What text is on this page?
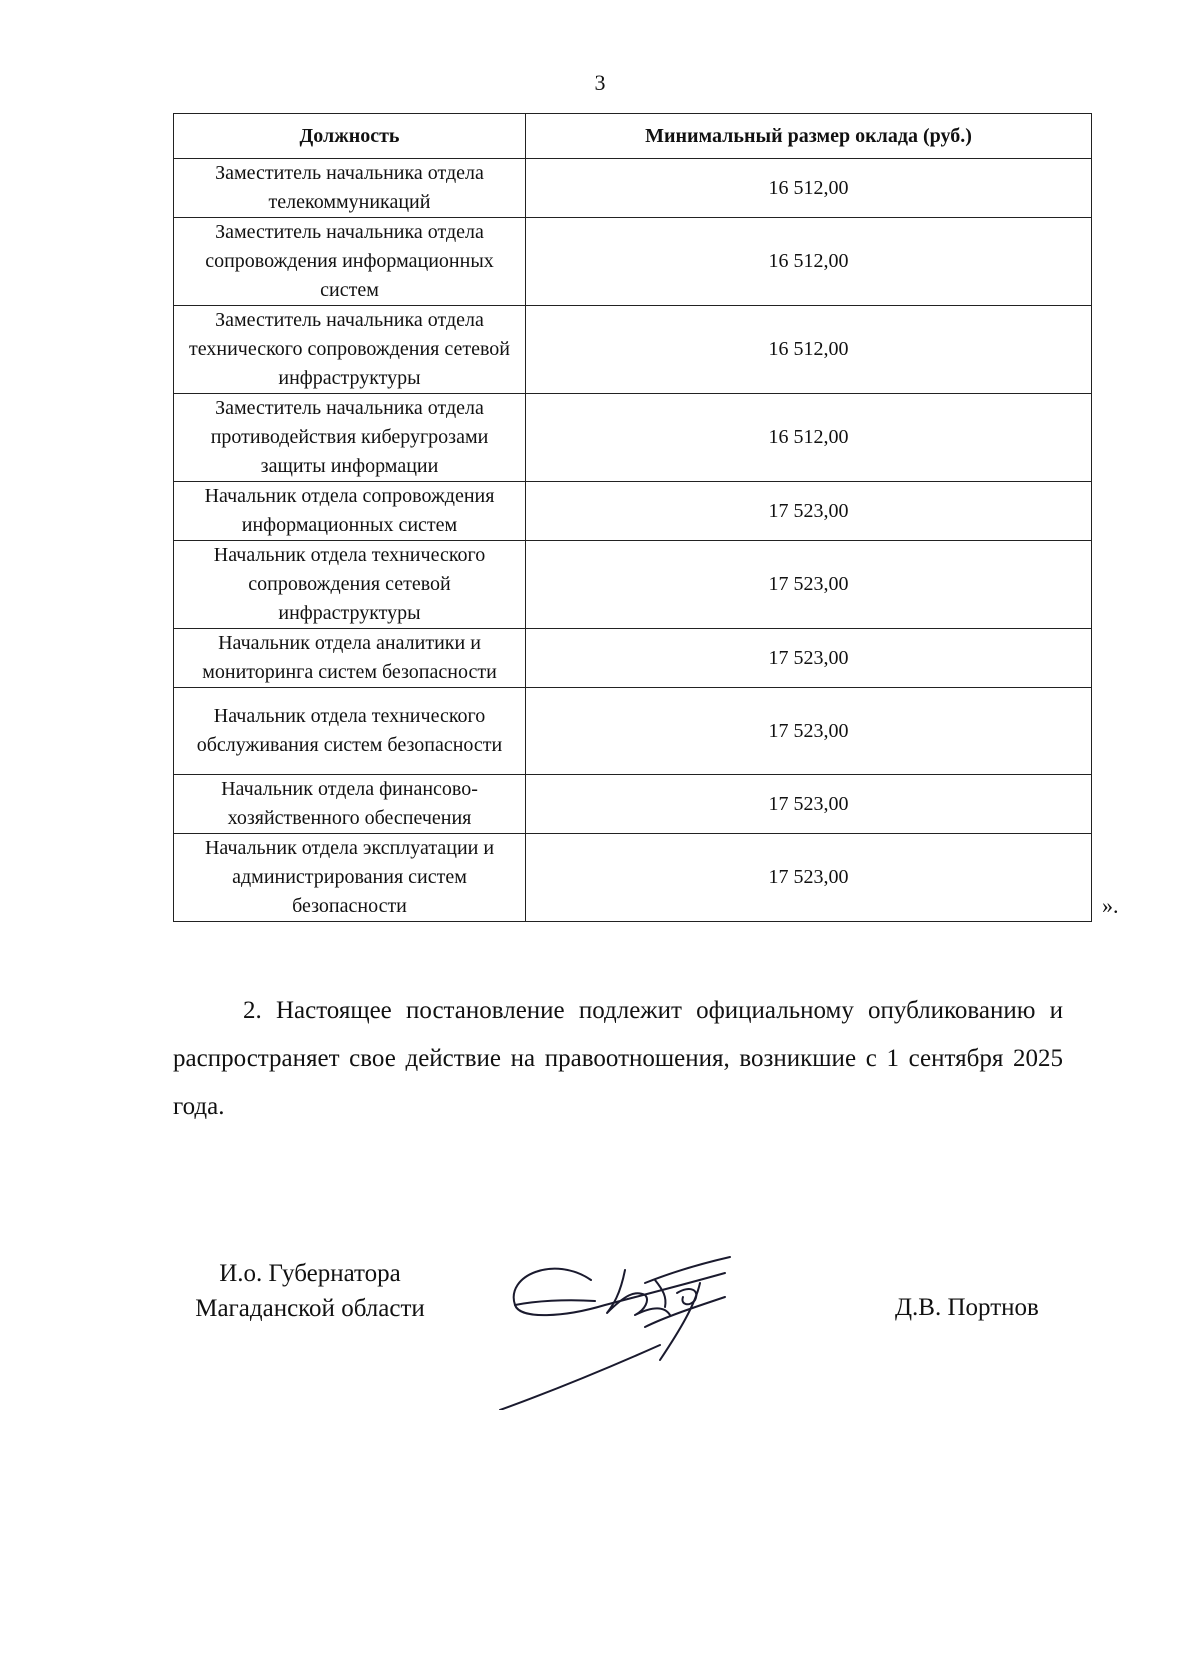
3
Должность	Минимальный размер оклада (руб.)
Заместитель начальника отдела телекоммуникаций	16 512,00
Заместитель начальника отдела сопровождения информационных систем	16 512,00
Заместитель начальника отдела технического сопровождения сетевой инфраструктуры	16 512,00
Заместитель начальника отдела противодействия киберугрозами защиты информации	16 512,00
Начальник отдела сопровождения информационных систем	17 523,00
Начальник отдела технического сопровождения сетевой инфраструктуры	17 523,00
Начальник отдела аналитики и мониторинга систем безопасности	17 523,00
Начальник отдела технического обслуживания систем безопасности	17 523,00
Начальник отдела финансово-хозяйственного обеспечения	17 523,00
Начальник отдела эксплуатации и администрирования систем безопасности	17 523,00
».

2. Настоящее постановление подлежит официальному опубликованию и распространяет свое действие на правоотношения, возникшие с 1 сентября 2025 года.

И.о. Губернатора
Магаданской области	Д.В. Портнов
